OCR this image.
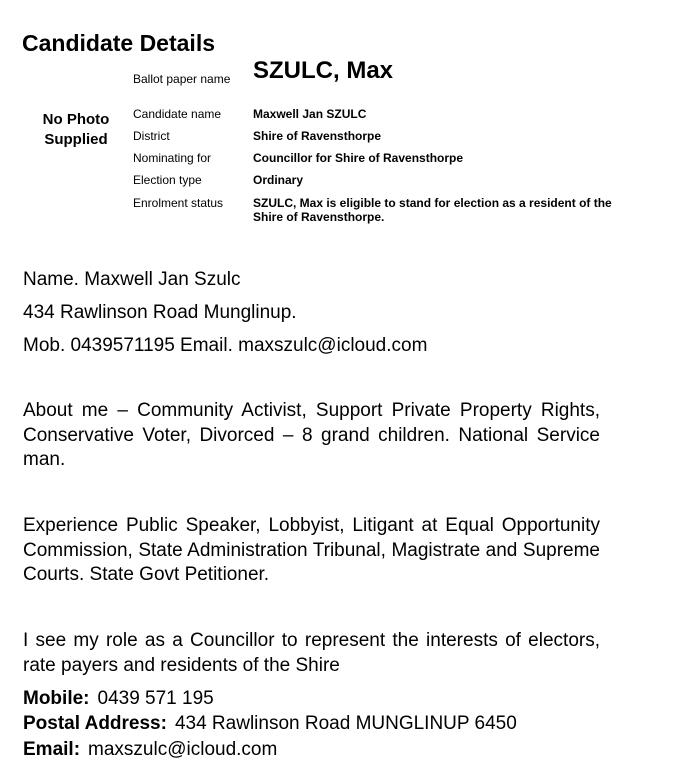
Candidate Details
No Photo
Supplied
Ballot paper name SZULC, Max
Candidate name	Maxwell Jan SZULC
District	Shire of Ravensthorpe
Nominating for	Councillor for Shire of Ravensthorpe
Election type	Ordinary
Enrolment status	SZULC, Max is eligible to stand for election as a resident of the Shire of Ravensthorpe.
Name. Maxwell Jan Szulc
434 Rawlinson Road Munglinup.
Mob. 0439571195 Email. maxszulc@icloud.com
About me – Community Activist, Support Private Property Rights, Conservative Voter, Divorced – 8 grand children. National Service man.
Experience Public Speaker, Lobbyist, Litigant at Equal Opportunity Commission, State Administration Tribunal, Magistrate and Supreme Courts. State Govt Petitioner.
I see my role as a Councillor to represent the interests of electors, rate payers and residents of the Shire
Mobile: 0439 571 195
Postal Address: 434 Rawlinson Road MUNGLINUP 6450
Email: maxszulc@icloud.com
